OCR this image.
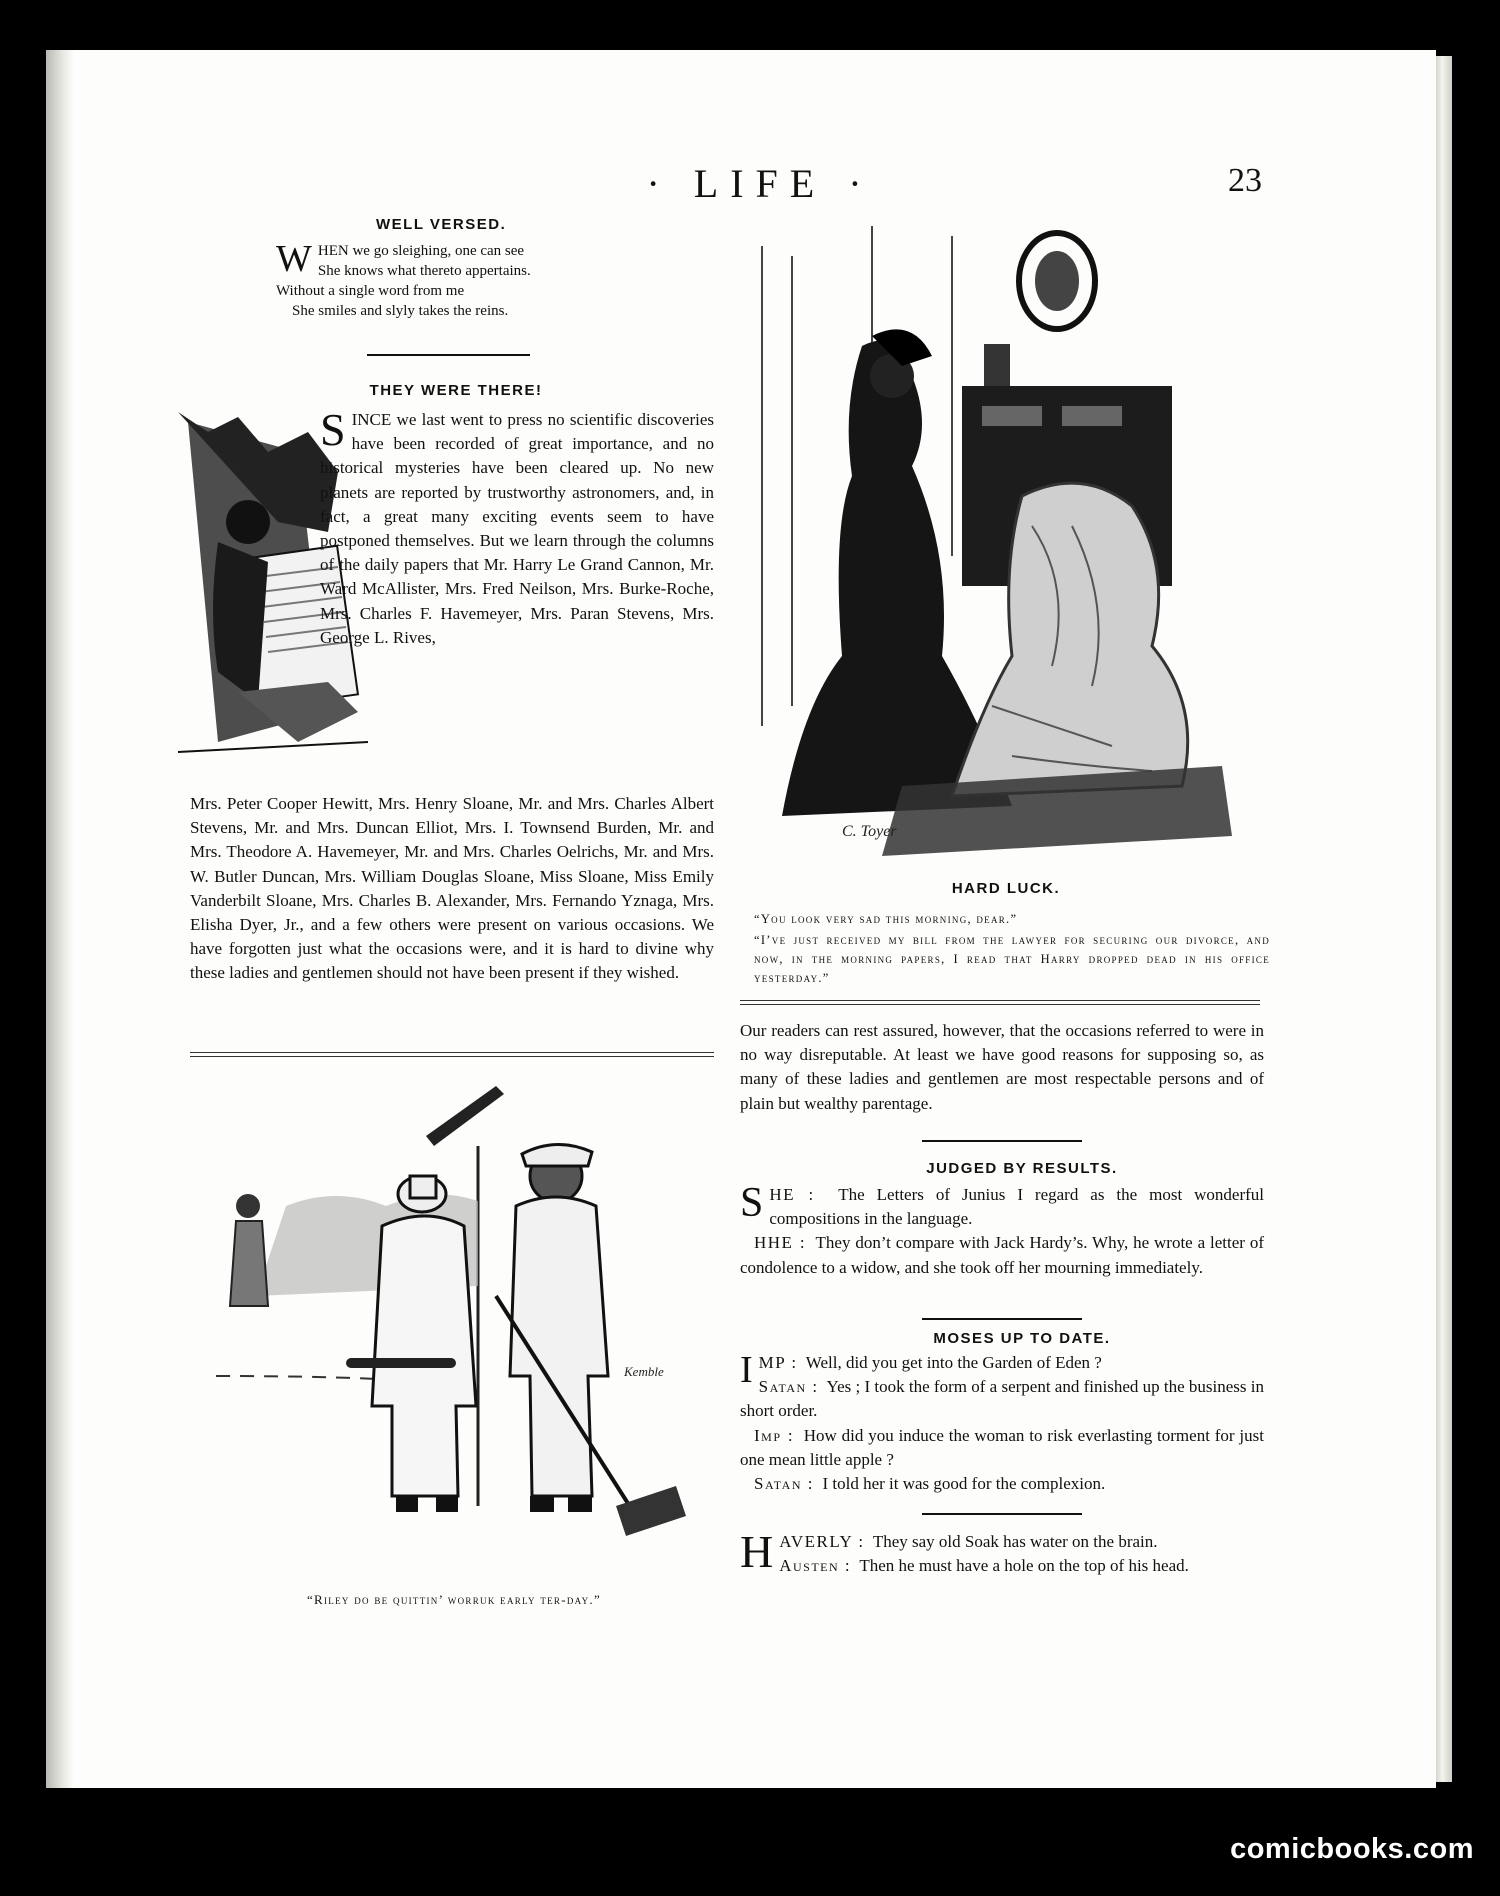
· LIFE ·	23

WELL VERSED.

W HEN we go sleighing, one can see
She knows what thereto appertains.
Without a single word from me
She smiles and slyly takes the reins.

THEY WERE THERE!

SINCE we last went to press no scientific discoveries have been recorded of great importance, and no historical mysteries have been cleared up. No new planets are reported by trustworthy astronomers, and, in fact, a great many exciting events seem to have postponed themselves. But we learn through the columns of the daily papers that Mr. Harry Le Grand Cannon, Mr. Ward McAllister, Mrs. Fred Neilson, Mrs. Burke-Roche, Mrs. Charles F. Havemeyer, Mrs. Paran Stevens, Mrs. George L. Rives,

Mrs. Peter Cooper Hewitt, Mrs. Henry Sloane, Mr. and Mrs. Charles Albert Stevens, Mr. and Mrs. Duncan Elliot, Mrs. I. Townsend Burden, Mr. and Mrs. Theodore A. Havemeyer, Mr. and Mrs. Charles Oelrichs, Mr. and Mrs. W. Butler Duncan, Mrs. William Douglas Sloane, Miss Sloane, Miss Emily Vanderbilt Sloane, Mrs. Charles B. Alexander, Mrs. Fernando Yznaga, Mrs. Elisha Dyer, Jr., and a few others were present on various occasions. We have forgotten just what the occasions were, and it is hard to divine why these ladies and gentlemen should not have been present if they wished.

C. Toyer

HARD LUCK.

“You look very sad this morning, dear.”

“I’ve just received my bill from the lawyer for securing our divorce, and now, in the morning papers, I read that Harry dropped dead in his office yesterday.”

Our readers can rest assured, however, that the occasions referred to were in no way disreputable. At least we have good reasons for supposing so, as many of these ladies and gentlemen are most respectable persons and of plain but wealthy parentage.

JUDGED BY RESULTS.

SHE : The Letters of Junius I regard as the most wonderful compositions in the language.

HHE : They don’t compare with Jack Hardy’s. Why, he wrote a letter of condolence to a widow, and she took off her mourning immediately.

MOSES UP TO DATE.

IMP : Well, did you get into the Garden of Eden ?
Satan : Yes ; I took the form of a serpent and finished up the business in short order.

Imp : How did you induce the woman to risk everlasting torment for just one mean little apple ?

Satan : I told her it was good for the complexion.

HAVERLY : They say old Soak has water on the brain.
Austen : Then he must have a hole on the top of his head.

Kemble

“Riley do be quittin’ worruk early ter-day.”

comicbooks.com
